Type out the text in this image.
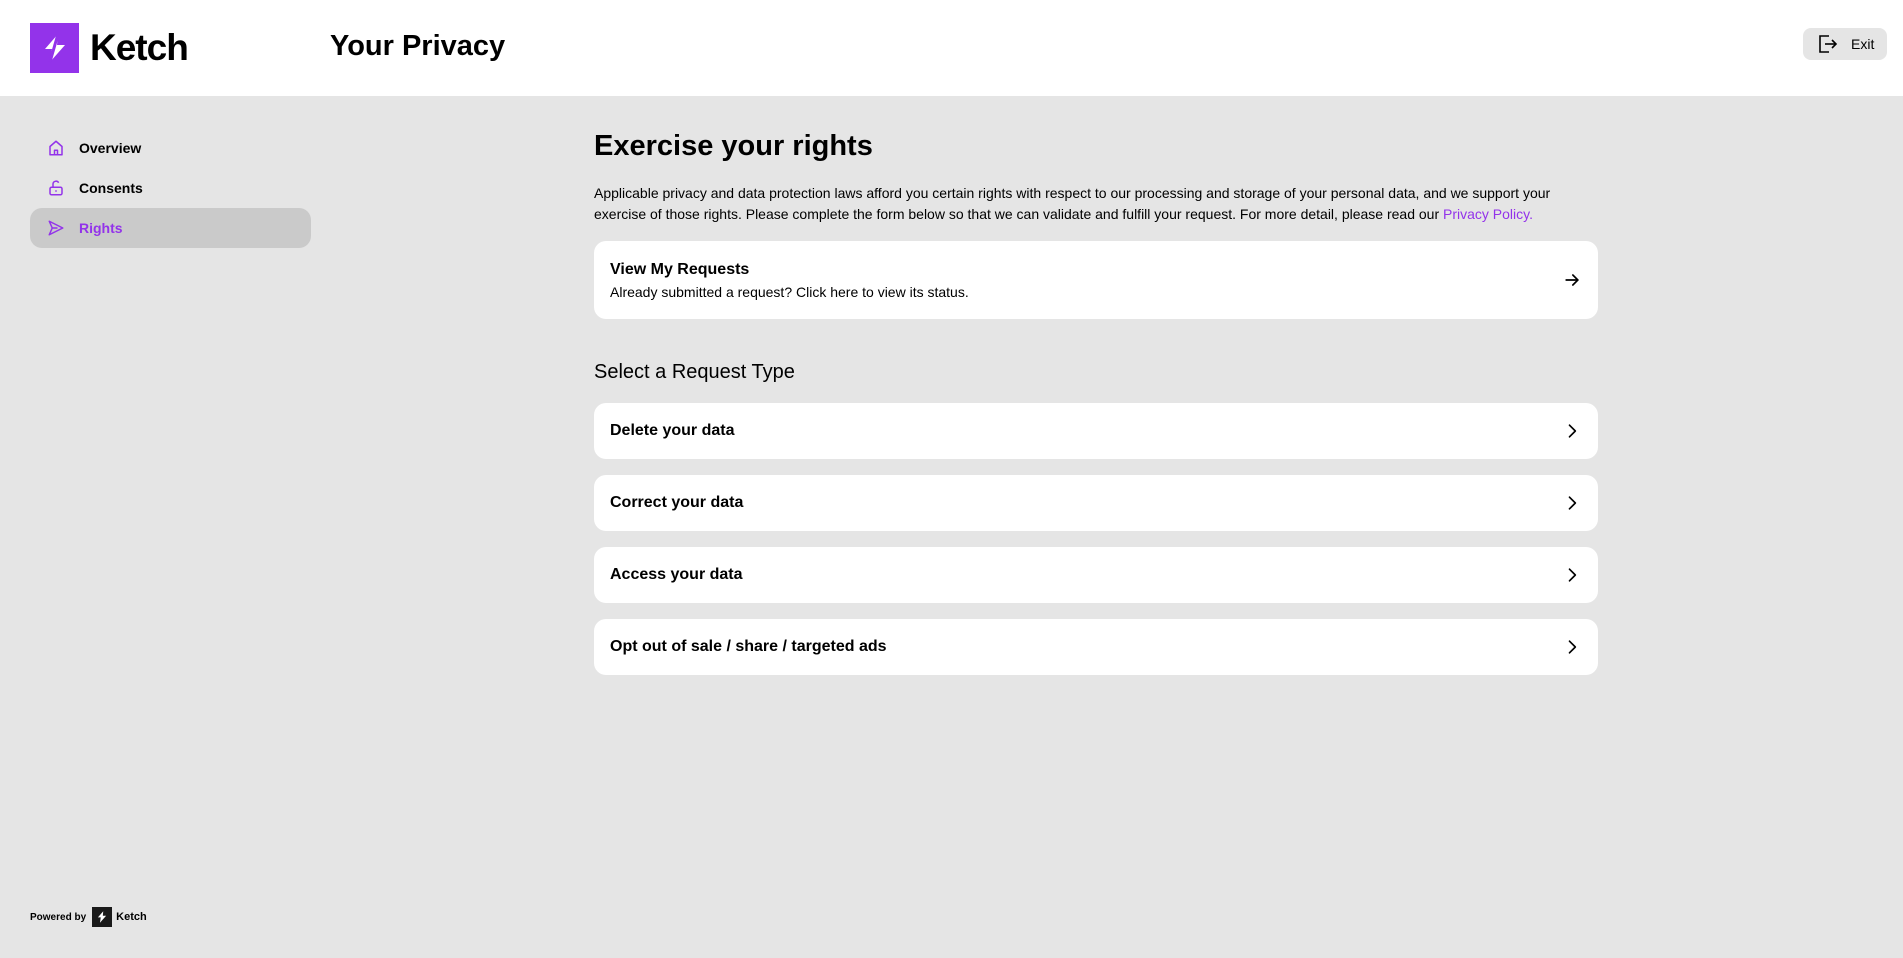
Ketch	Your Privacy	Exit
Overview
Consents
Rights
Exercise your rights
Applicable privacy and data protection laws afford you certain rights with respect to our processing and storage of your personal data, and we support your exercise of those rights. Please complete the form below so that we can validate and fulfill your request. For more detail, please read our Privacy Policy.
View My Requests
Already submitted a request? Click here to view its status.
Select a Request Type
Delete your data
Correct your data
Access your data
Opt out of sale / share / targeted ads
Powered by	Ketch
